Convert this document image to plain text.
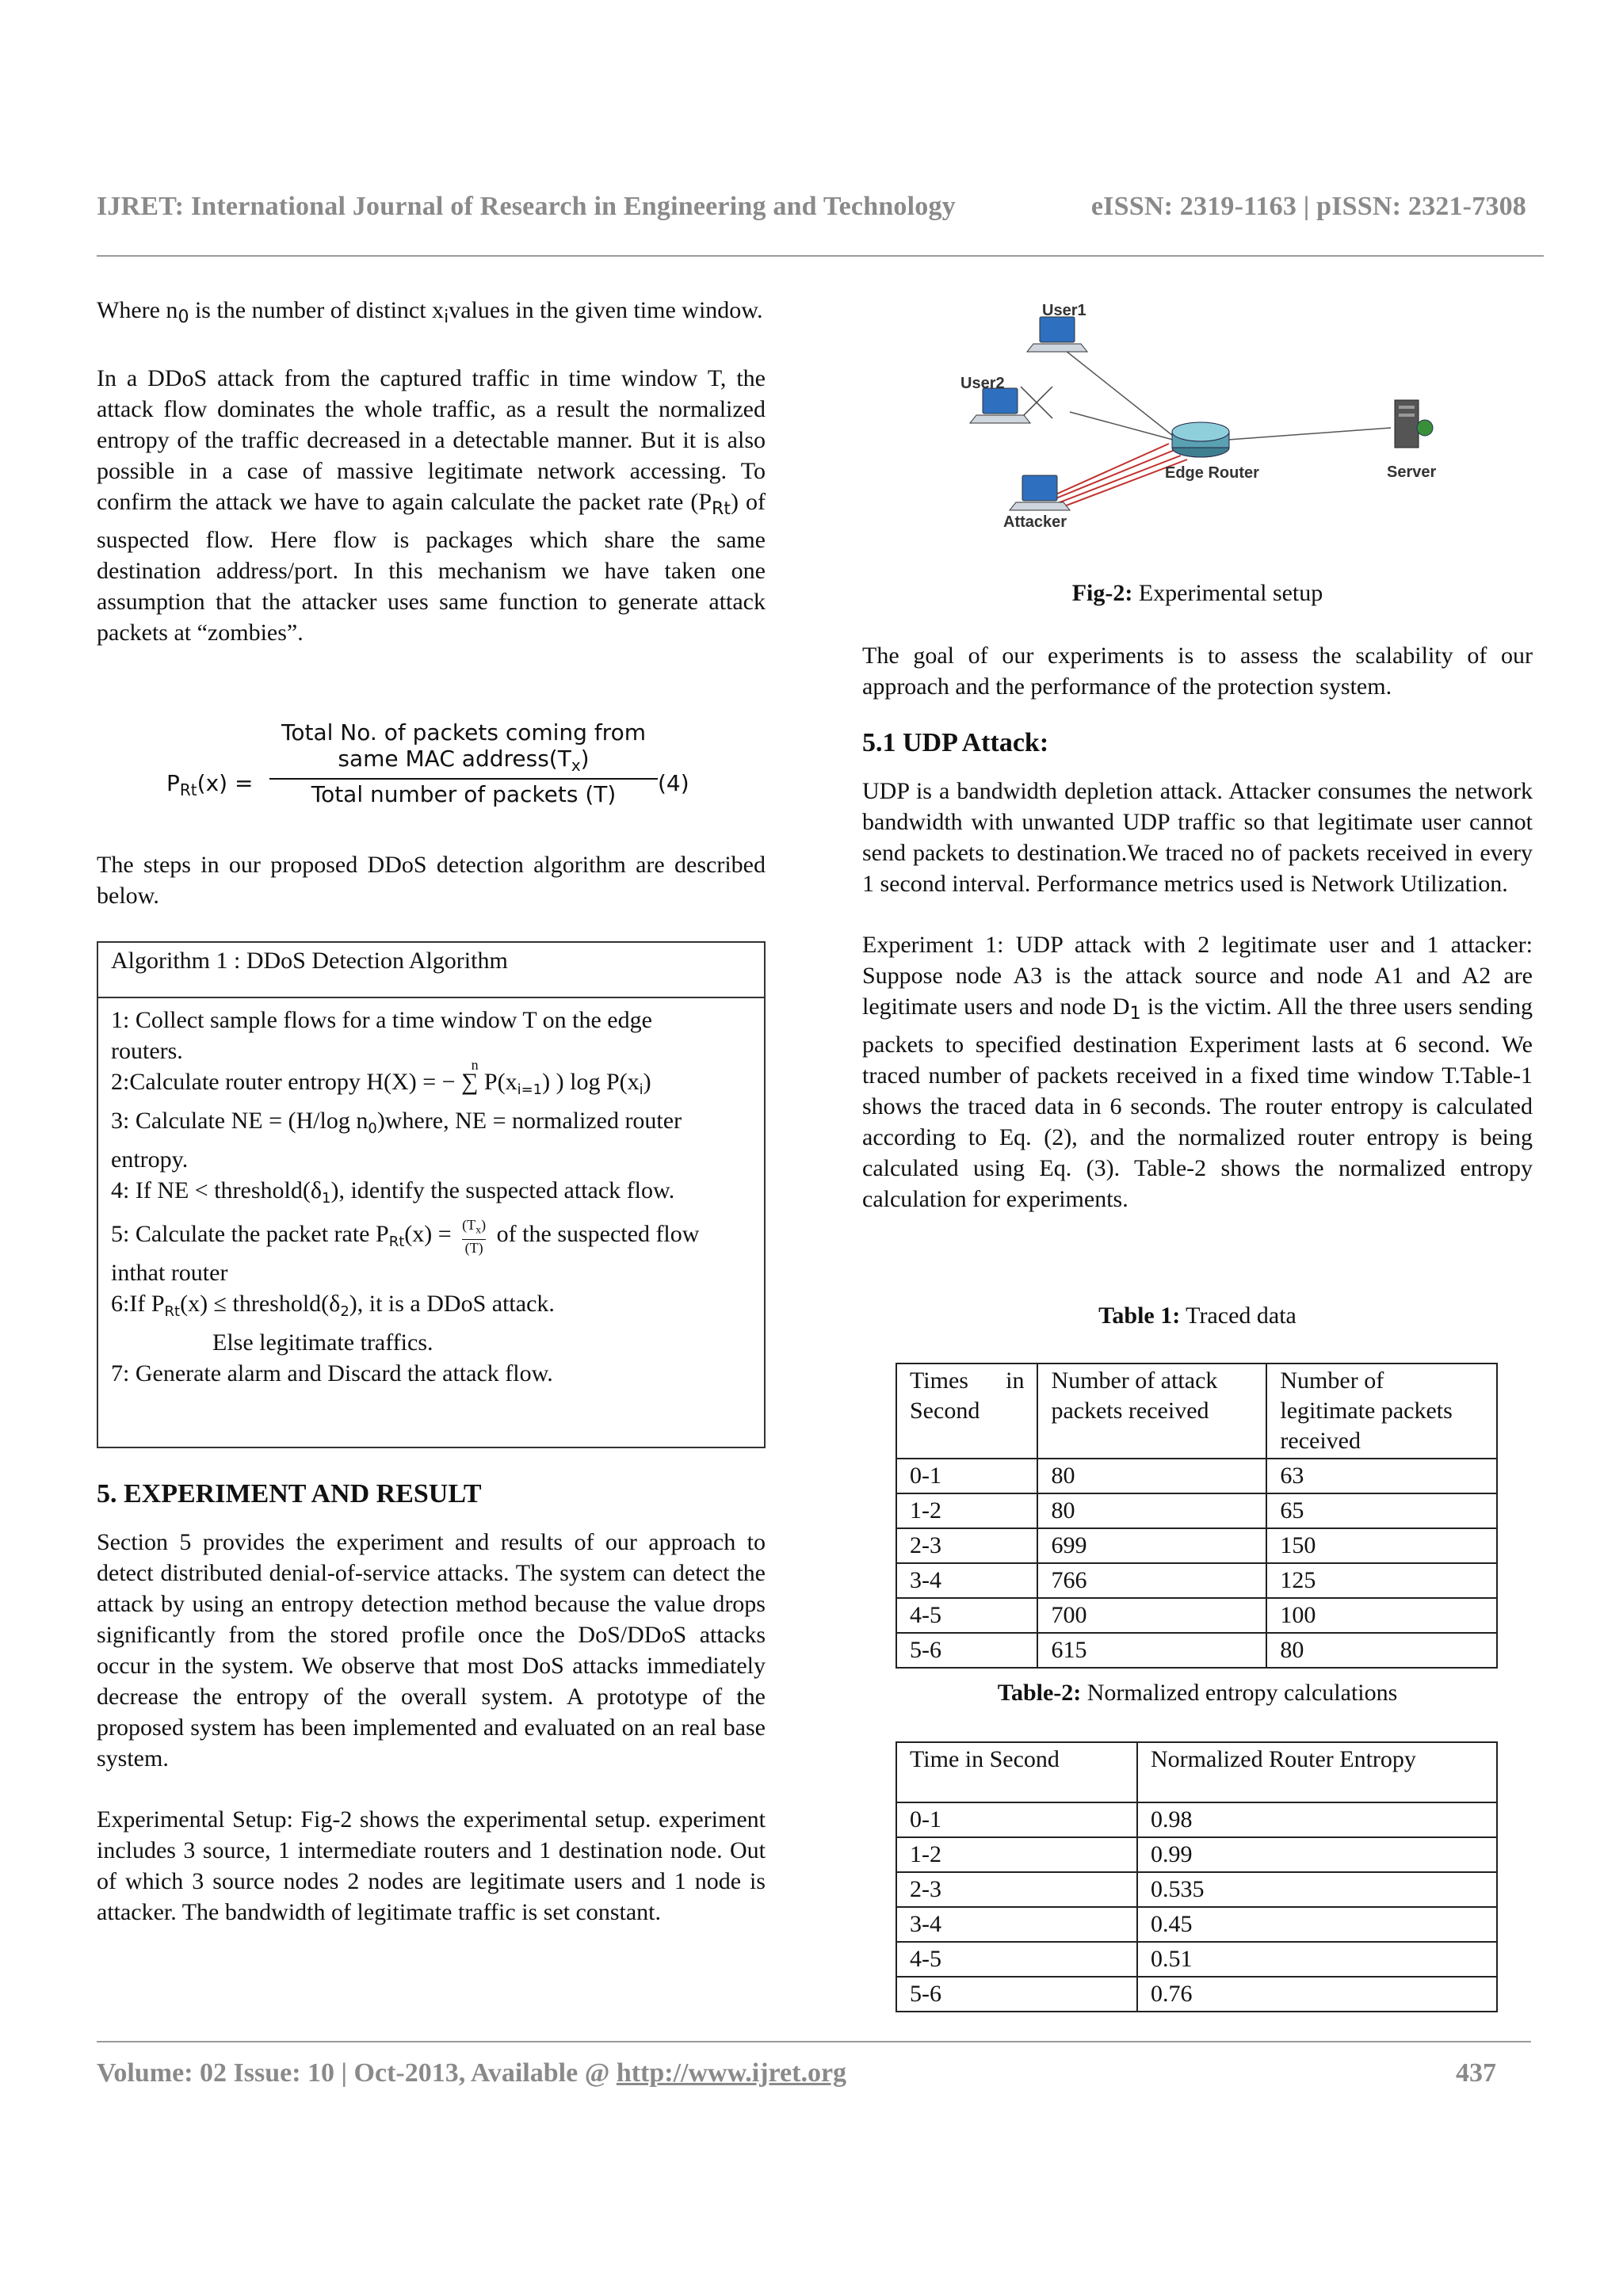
IJRET: International Journal of Research in Engineering and Technology	eISSN: 2319-1163 | pISSN: 2321-7308

Where $n_0$ is the number of distinct $x_ivalues$ in the given time window.

In a DDoS attack from the captured traffic in time window T, the attack flow dominates the whole traffic, as a result the normalized entropy of the traffic decreased in a detectable manner. But it is also possible in a case of massive legitimate network accessing. To confirm the attack we have to again calculate the packet rate $(P_{Rt})$ of suspected flow. Here flow is packages which share the same destination address/port. In this mechanism we have taken one assumption that the attacker uses same function to generate attack packets at “zombies”.

$P_{Rt}(x)$ =
Total No. of packets coming from
same MAC $address(T_x)$
Total number of packets (T)	(4)

The steps in our proposed DDoS detection algorithm are described below.

Algorithm 1 : DDoS Detection Algorithm
1: Collect sample flows for a time window T on the edge routers.
2:Calculate router entropy H(X) = − ∑ P(x
n
$_{i=1}$) ) $\log P(x_i)$
3: Calculate NE = (H/log $n_0)where$, NE = normalized router entropy.
4: If NE < $threshold(\delta_1)$, identify the suspected attack flow.
5: Calculate the packet rate $P_{Rt}(x) = \frac{(T_x)}{(T)}$ of the suspected flow inthat router
6:If $P_{Rt}(x)$ ≤ $threshold(\delta_2)$, it is a DDoS attack.
Else legitimate traffics.
7: Generate alarm and Discard the attack flow.

5. EXPERIMENT AND RESULT

Section 5 provides the experiment and results of our approach to detect distributed denial-of-service attacks. The system can detect the attack by using an entropy detection method because the value drops significantly from the stored profile once the DoS/DDoS attacks occur in the system. We observe that most DoS attacks immediately decrease the entropy of the overall system. A prototype of the proposed system has been implemented and evaluated on an real base system.

Experimental Setup: Fig-2 shows the experimental setup. experiment includes 3 source, 1 intermediate routers and 1 destination node. Out of which 3 source nodes 2 nodes are legitimate users and 1 node is attacker. The bandwidth of legitimate traffic is set constant.

User1
User2
Attacker
Edge Router	Server
Fig-2: Experimental setup

The goal of our experiments is to assess the scalability of our approach and the performance of the protection system.

5.1 UDP Attack:

UDP is a bandwidth depletion attack. Attacker consumes the network bandwidth with unwanted UDP traffic so that legitimate user cannot send packets to destination.We traced no of packets received in every 1 second interval. Performance metrics used is Network Utilization.

Experiment 1: UDP attack with 2 legitimate user and 1 attacker: Suppose node A3 is the attack source and node A1 and A2 are legitimate users and node $D_1$ is the victim. All the three users sending packets to specified destination Experiment lasts at 6 second. We traced number of packets received in a fixed time window T.Table-1 shows the traced data in 6 seconds. The router entropy is calculated according to Eq. (2), and the normalized router entropy is being calculated using Eq. (3). Table-2 shows the normalized entropy calculation for experiments.

Table 1: Traced data
Times in Second	Number of attack packets received	Number of legitimate packets received
0-1	80	63
1-2	80	65
2-3	699	150
3-4	766	125
4-5	700	100
5-6	615	80
Table-2: Normalized entropy calculations
Time in Second	Normalized Router Entropy
0-1	0.98
1-2	0.99
2-3	0.535
3-4	0.45
4-5	0.51
5-6	0.76
Volume: 02 Issue: 10 | Oct-2013, Available @ http://www.ijret.org	437
